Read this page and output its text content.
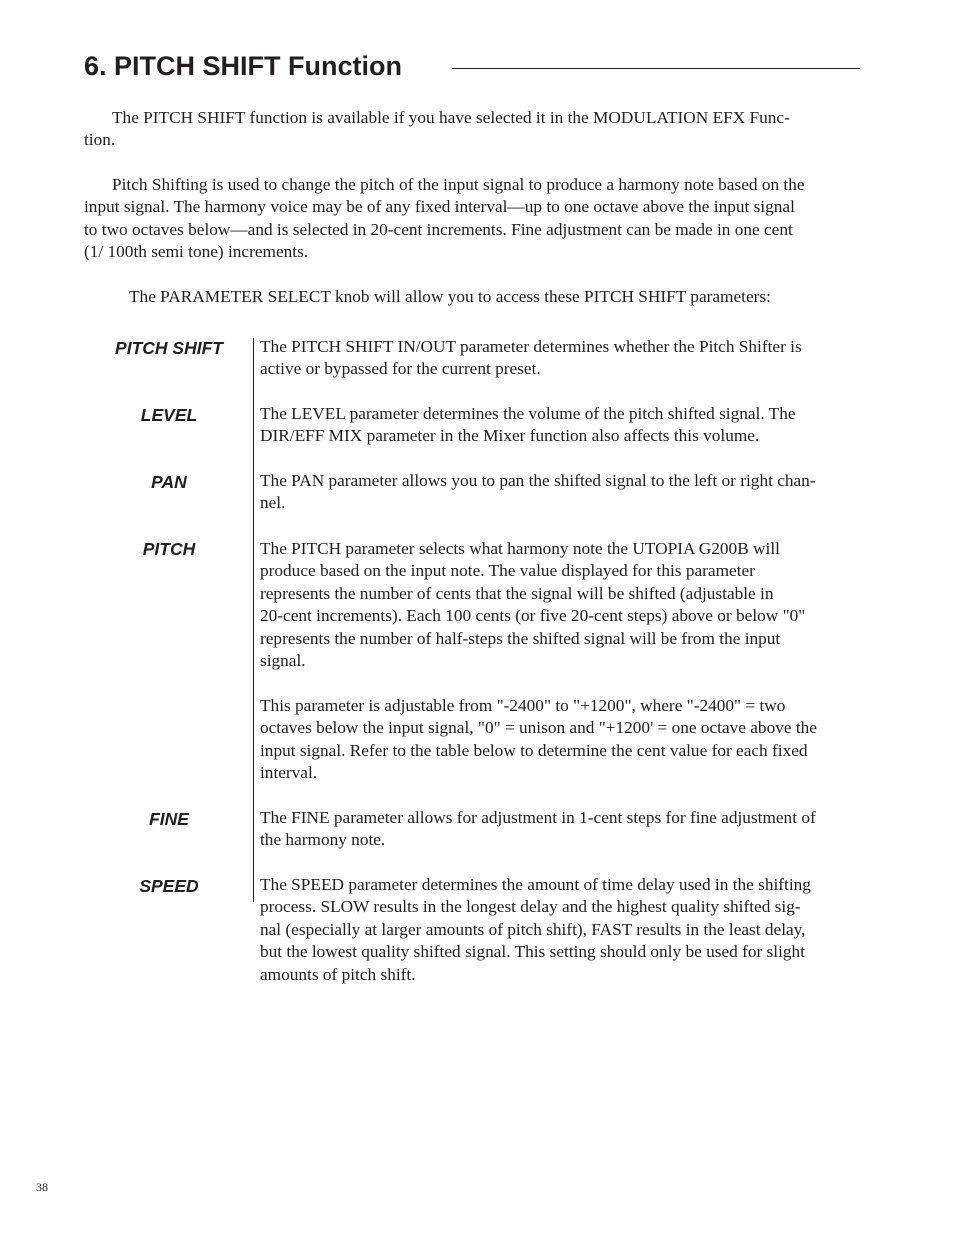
6. PITCH SHIFT Function

The PITCH SHIFT function is available if you have selected it in the MODULATION EFX Func-
tion.

Pitch Shifting is used to change the pitch of the input signal to produce a harmony note based on the
input signal. The harmony voice may be of any fixed interval—up to one octave above the input signal
to two octaves below—and is selected in 20-cent increments. Fine adjustment can be made in one cent
(1/ 100th semi tone) increments.

The PARAMETER SELECT knob will allow you to access these PITCH SHIFT parameters:

PITCH SHIFT	The PITCH SHIFT IN/OUT parameter determines whether the Pitch Shifter is
active or bypassed for the current preset.

LEVEL	The LEVEL parameter determines the volume of the pitch shifted signal. The
DIR/EFF MIX parameter in the Mixer function also affects this volume.

PAN	The PAN parameter allows you to pan the shifted signal to the left or right chan-
nel.

PITCH	The PITCH parameter selects what harmony note the UTOPIA G200B will
produce based on the input note. The value displayed for this parameter
represents the number of cents that the signal will be shifted (adjustable in
20-cent increments). Each 100 cents (or five 20-cent steps) above or below "0"
represents the number of half-steps the shifted signal will be from the input
signal.

This parameter is adjustable from "-2400" to "+1200", where "-2400" = two
octaves below the input signal, "0" = unison and "+1200' = one octave above the
input signal. Refer to the table below to determine the cent value for each fixed
interval.

FINE	The FINE parameter allows for adjustment in 1-cent steps for fine adjustment of
the harmony note.

SPEED	The SPEED parameter determines the amount of time delay used in the shifting
process. SLOW results in the longest delay and the highest quality shifted sig-
nal (especially at larger amounts of pitch shift), FAST results in the least delay,
but the lowest quality shifted signal. This setting should only be used for slight
amounts of pitch shift.

38
